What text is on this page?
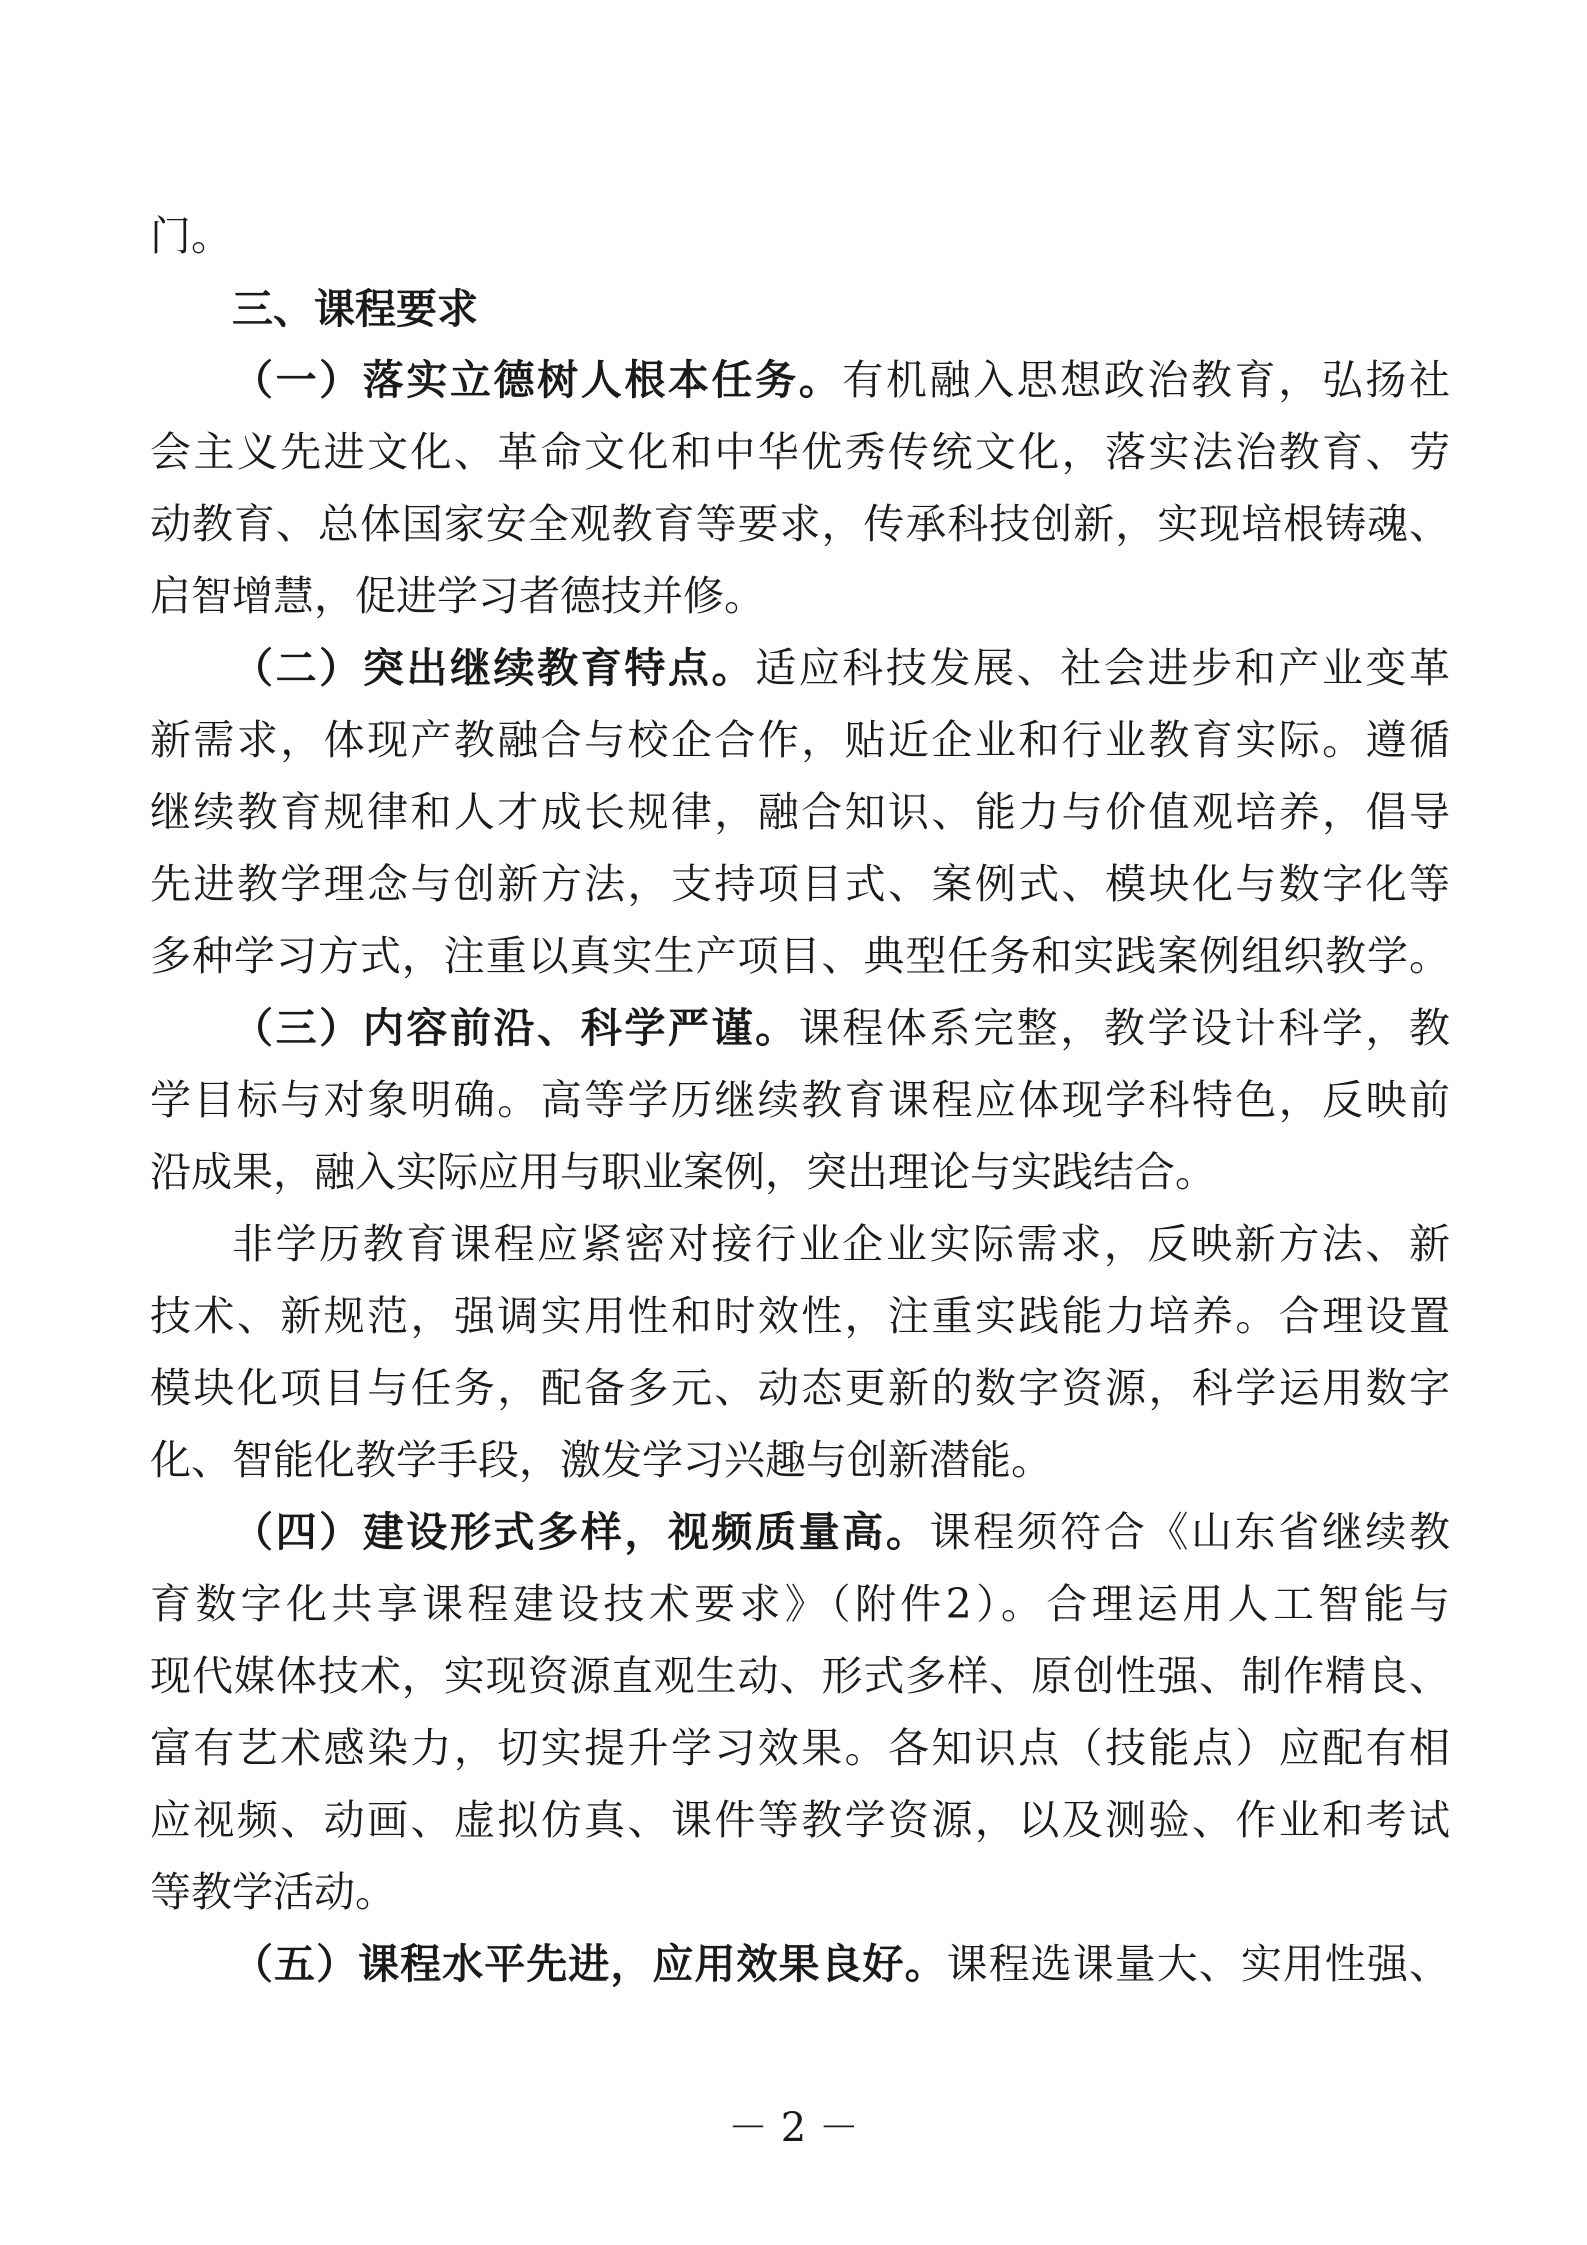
门。
三、课程要求
（一）落实立德树人根本任务。有机融入思想政治教育，弘扬社
会主义先进文化、革命文化和中华优秀传统文化，落实法治教育、劳
动教育、总体国家安全观教育等要求，传承科技创新，实现培根铸魂、
启智增慧，促进学习者德技并修。
（二）突出继续教育特点。适应科技发展、社会进步和产业变革
新需求，体现产教融合与校企合作，贴近企业和行业教育实际。遵循
继续教育规律和人才成长规律，融合知识、能力与价值观培养，倡导
先进教学理念与创新方法，支持项目式、案例式、模块化与数字化等
多种学习方式，注重以真实生产项目、典型任务和实践案例组织教学。
（三）内容前沿、科学严谨。课程体系完整，教学设计科学，教
学目标与对象明确。高等学历继续教育课程应体现学科特色，反映前
沿成果，融入实际应用与职业案例，突出理论与实践结合。
非学历教育课程应紧密对接行业企业实际需求，反映新方法、新
技术、新规范，强调实用性和时效性，注重实践能力培养。合理设置
模块化项目与任务，配备多元、动态更新的数字资源，科学运用数字
化、智能化教学手段，激发学习兴趣与创新潜能。
（四）建设形式多样，视频质量高。课程须符合《山东省继续教
育数字化共享课程建设技术要求》（附件2）。合理运用人工智能与
现代媒体技术，实现资源直观生动、形式多样、原创性强、制作精良、
富有艺术感染力，切实提升学习效果。各知识点（技能点）应配有相
应视频、动画、虚拟仿真、课件等教学资源，以及测验、作业和考试
等教学活动。
（五）课程水平先进，应用效果良好。课程选课量大、实用性强、
－ 2 －
